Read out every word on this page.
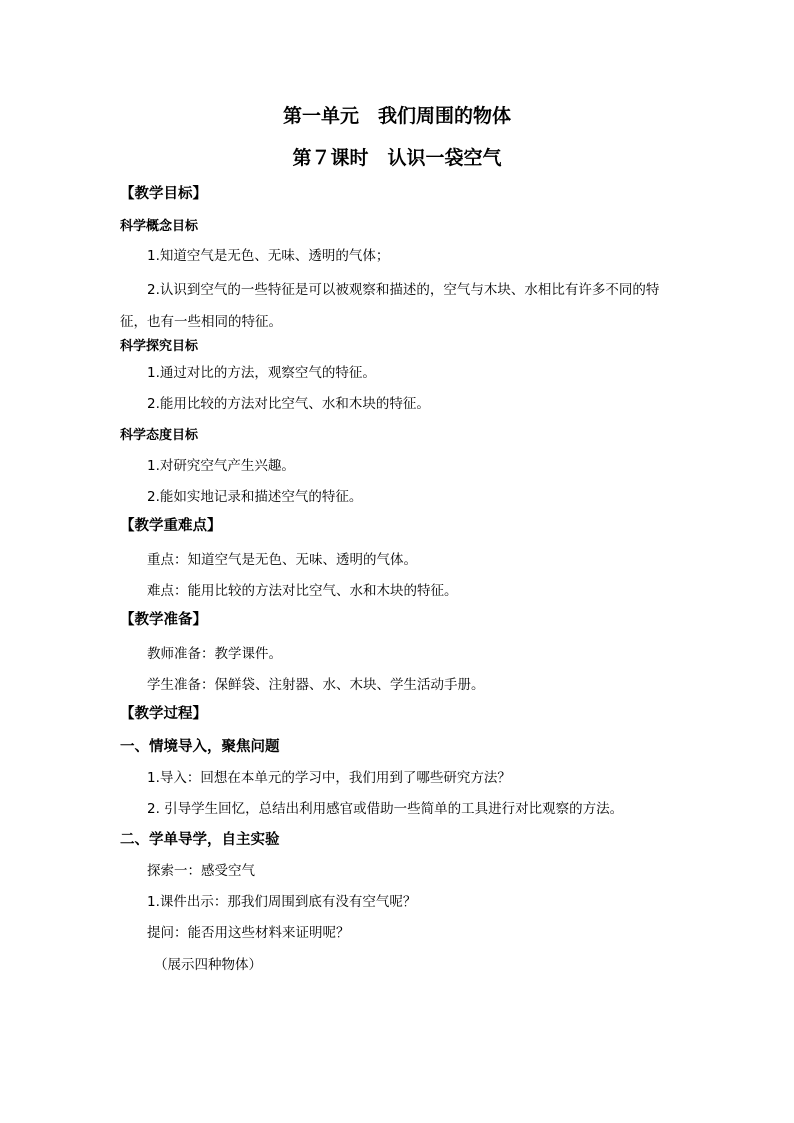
第一单元　我们周围的物体
第７课时　认识一袋空气
【教学目标】
科学概念目标
1.知道空气是无色、无味、透明的气体；
2.认识到空气的一些特征是可以被观察和描述的，空气与木块、水相比有许多不同的特征，也有一些相同的特征。
科学探究目标
1.通过对比的方法，观察空气的特征。
2.能用比较的方法对比空气、水和木块的特征。
科学态度目标
1.对研究空气产生兴趣。
2.能如实地记录和描述空气的特征。
【教学重难点】
重点：知道空气是无色、无味、透明的气体。
难点：能用比较的方法对比空气、水和木块的特征。
【教学准备】
教师准备：教学课件。
学生准备：保鲜袋、注射器、水、木块、学生活动手册。
【教学过程】
一、情境导入，聚焦问题
1.导入：回想在本单元的学习中，我们用到了哪些研究方法？
2. 引导学生回忆，总结出利用感官或借助一些简单的工具进行对比观察的方法。
二、学单导学，自主实验
探索一：感受空气
1.课件出示：那我们周围到底有没有空气呢？
提问：能否用这些材料来证明呢？
（展示四种物体）
